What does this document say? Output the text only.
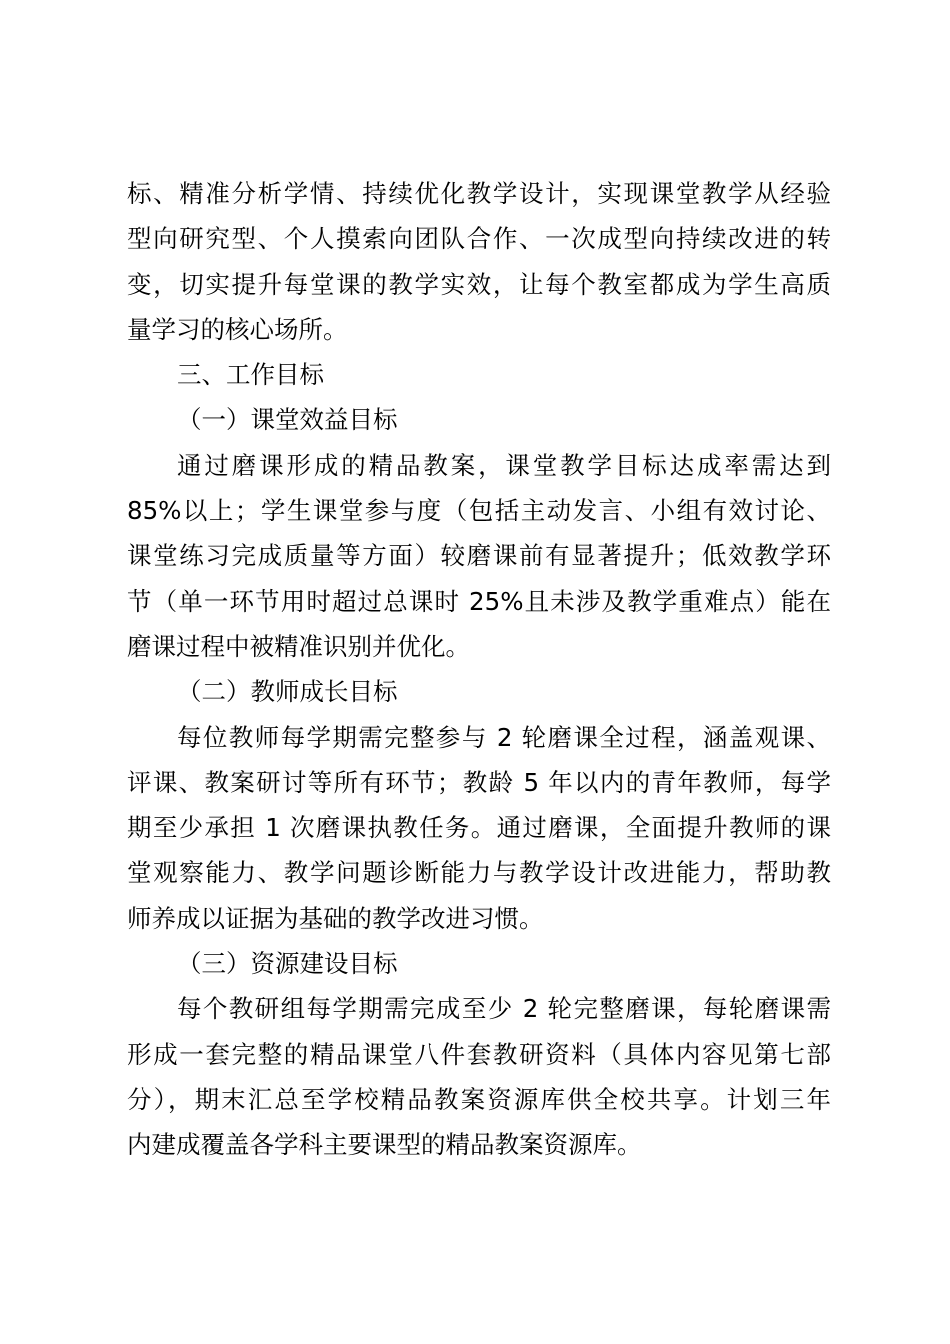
标、精准分析学情、持续优化教学设计，实现课堂教学从经验
型向研究型、个人摸索向团队合作、一次成型向持续改进的转
变，切实提升每堂课的教学实效，让每个教室都成为学生高质
量学习的核心场所。
三、工作目标
（一）课堂效益目标
通过磨课形成的精品教案，课堂教学目标达成率需达到
85%以上；学生课堂参与度（包括主动发言、小组有效讨论、
课堂练习完成质量等方面）较磨课前有显著提升；低效教学环
节（单一环节用时超过总课时 25%且未涉及教学重难点）能在
磨课过程中被精准识别并优化。
（二）教师成长目标
每位教师每学期需完整参与 2 轮磨课全过程，涵盖观课、
评课、教案研讨等所有环节；教龄 5 年以内的青年教师，每学
期至少承担 1 次磨课执教任务。通过磨课，全面提升教师的课
堂观察能力、教学问题诊断能力与教学设计改进能力，帮助教
师养成以证据为基础的教学改进习惯。
（三）资源建设目标
每个教研组每学期需完成至少 2 轮完整磨课，每轮磨课需
形成一套完整的精品课堂八件套教研资料（具体内容见第七部
分），期末汇总至学校精品教案资源库供全校共享。计划三年
内建成覆盖各学科主要课型的精品教案资源库。
